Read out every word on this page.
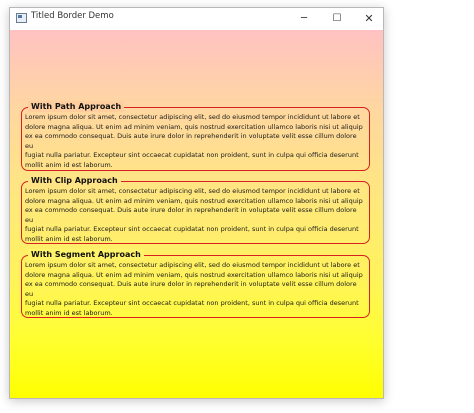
Titled Border Demo	─	☐	✕
With Path Approach
Lorem ipsum dolor sit amet, consectetur adipiscing elit, sed do eiusmod tempor incididunt ut labore et
dolore magna aliqua. Ut enim ad minim veniam, quis nostrud exercitation ullamco laboris nisi ut aliquip
ex ea commodo consequat. Duis aute irure dolor in reprehenderit in voluptate velit esse cillum dolore eu
fugiat nulla pariatur. Excepteur sint occaecat cupidatat non proident, sunt in culpa qui officia deserunt
mollit anim id est laborum.
With Clip Approach
Lorem ipsum dolor sit amet, consectetur adipiscing elit, sed do eiusmod tempor incididunt ut labore et
dolore magna aliqua. Ut enim ad minim veniam, quis nostrud exercitation ullamco laboris nisi ut aliquip
ex ea commodo consequat. Duis aute irure dolor in reprehenderit in voluptate velit esse cillum dolore eu
fugiat nulla pariatur. Excepteur sint occaecat cupidatat non proident, sunt in culpa qui officia deserunt
mollit anim id est laborum.
With Segment Approach
Lorem ipsum dolor sit amet, consectetur adipiscing elit, sed do eiusmod tempor incididunt ut labore et
dolore magna aliqua. Ut enim ad minim veniam, quis nostrud exercitation ullamco laboris nisi ut aliquip
ex ea commodo consequat. Duis aute irure dolor in reprehenderit in voluptate velit esse cillum dolore eu
fugiat nulla pariatur. Excepteur sint occaecat cupidatat non proident, sunt in culpa qui officia deserunt
mollit anim id est laborum.
